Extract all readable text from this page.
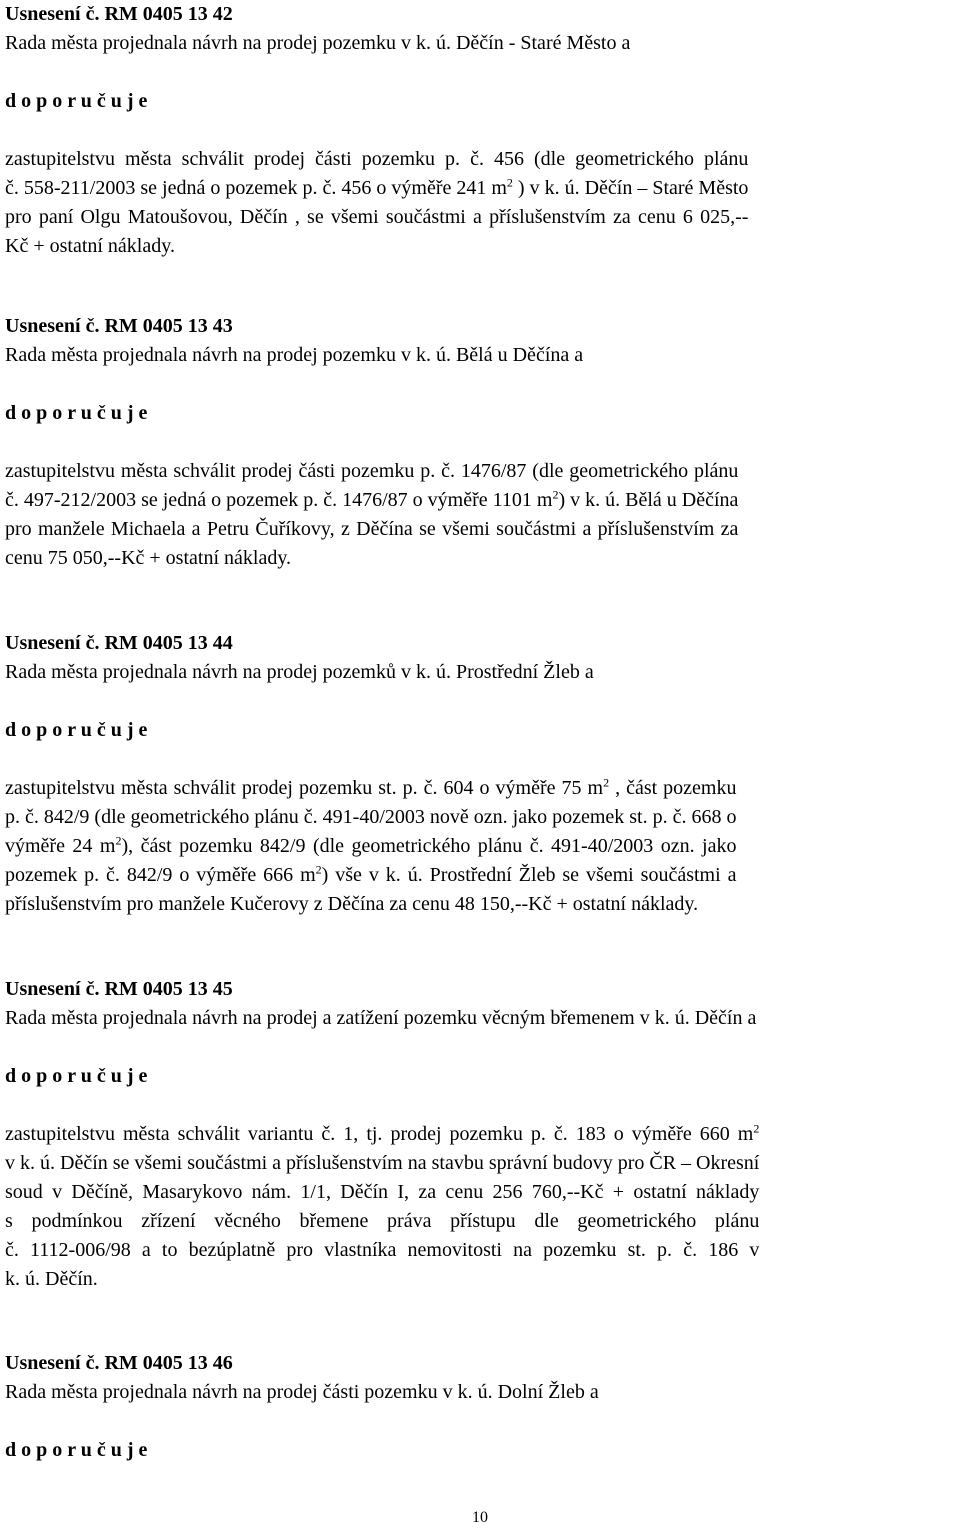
Usnesení č. RM 0405 13 42
Rada města projednala návrh na prodej pozemku v k. ú. Děčín - Staré Město a
d o p o r u č u j e
zastupitelstvu města schválit prodej části pozemku p. č. 456 (dle geometrického plánu
č. 558-211/2003 se jedná o pozemek p. č. 456 o výměře 241 $m^2$ ) v k. ú. Děčín – Staré Město
pro paní Olgu Matoušovou, Děčín , se všemi součástmi a příslušenstvím za cenu 6 025,--
Kč + ostatní náklady.
Usnesení č. RM 0405 13 43
Rada města projednala návrh na prodej pozemku v k. ú. Bělá u Děčína a
d o p o r u č u j e
zastupitelstvu města schválit prodej části pozemku p. č. 1476/87 (dle geometrického plánu
č. 497-212/2003 se jedná o pozemek p. č. 1476/87 o výměře 1101 $m^2$) v k. ú. Bělá u Děčína
pro manžele Michaela a Petru Čuříkovy, z Děčína se všemi součástmi a příslušenstvím za
cenu 75 050,--Kč + ostatní náklady.
Usnesení č. RM 0405 13 44
Rada města projednala návrh na prodej pozemků v k. ú. Prostřední Žleb a
d o p o r u č u j e
zastupitelstvu města schválit prodej pozemku st. p. č. 604 o výměře 75 $m^2$ , část pozemku
p. č. 842/9 (dle geometrického plánu č. 491-40/2003 nově ozn. jako pozemek st. p. č. 668 o
výměře 24 $m^2$), část pozemku 842/9 (dle geometrického plánu č. 491-40/2003 ozn. jako
pozemek p. č. 842/9 o výměře 666 $m^2$) vše v k. ú. Prostřední Žleb se všemi součástmi a
příslušenstvím pro manžele Kučerovy z Děčína za cenu 48 150,--Kč + ostatní náklady.
Usnesení č. RM 0405 13 45
Rada města projednala návrh na prodej a zatížení pozemku věcným břemenem v k. ú. Děčín a
d o p o r u č u j e
zastupitelstvu města schválit variantu č. 1, tj. prodej pozemku p. č. 183 o výměře 660 $m^2$
v k. ú. Děčín se všemi součástmi a příslušenstvím na stavbu správní budovy pro ČR – Okresní
soud v Děčíně, Masarykovo nám. 1/1, Děčín I, za cenu 256 760,--Kč + ostatní náklady
s podmínkou zřízení věcného břemene práva přístupu dle geometrického plánu
č. 1112-006/98 a to bezúplatně pro vlastníka nemovitosti na pozemku st. p. č. 186 v
k. ú. Děčín.
Usnesení č. RM 0405 13 46
Rada města projednala návrh na prodej části pozemku v k. ú. Dolní Žleb a
d o p o r u č u j e
10
